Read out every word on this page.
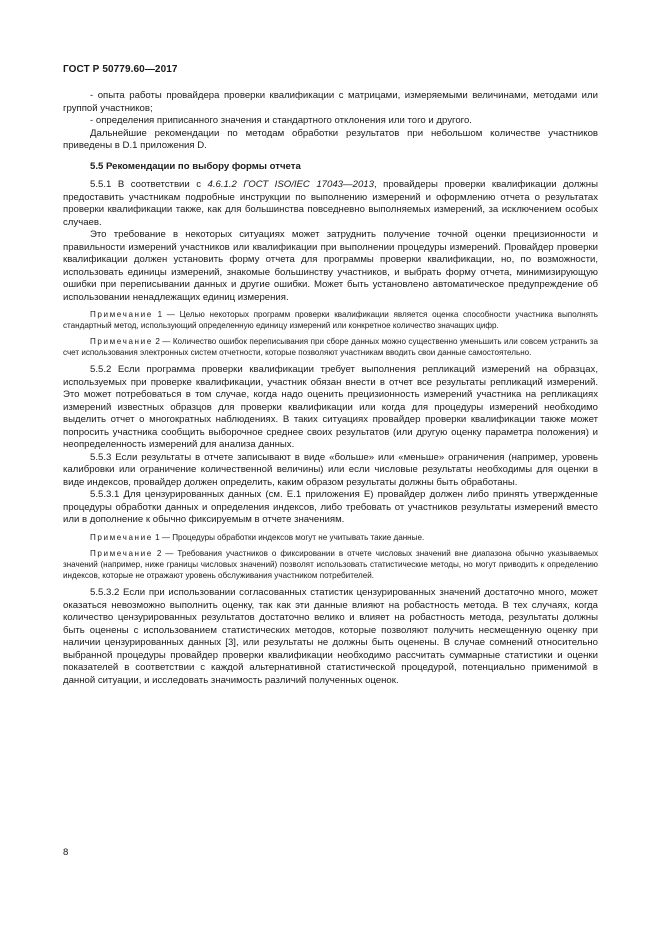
ГОСТ Р 50779.60—2017

- опыта работы провайдера проверки квалификации с матрицами, измеряемыми величинами, методами или группой участников;

- определения приписанного значения и стандартного отклонения или того и другого.

Дальнейшие рекомендации по методам обработки результатов при небольшом количестве участников приведены в D.1 приложения D.

5.5 Рекомендации по выбору формы отчета

5.5.1 В соответствии с 4.6.1.2 ГОСТ ISO/IEC 17043—2013, провайдеры проверки квалификации должны предоставить участникам подробные инструкции по выполнению измерений и оформлению отчета о результатах проверки квалификации также, как для большинства повседневно выполняемых измерений, за исключением особых случаев.

Это требование в некоторых ситуациях может затруднить получение точной оценки прецизионности и правильности измерений участников или квалификации при выполнении процедуры измерений. Провайдер проверки квалификации должен установить форму отчета для программы проверки квалификации, но, по возможности, использовать единицы измерений, знакомые большинству участников, и выбрать форму отчета, минимизирующую ошибки при переписывании данных и другие ошибки. Может быть установлено автоматическое предупреждение об использовании ненадлежащих единиц измерения.

Примечание 1 — Целью некоторых программ проверки квалификации является оценка способности участника выполнять стандартный метод, использующий определенную единицу измерений или конкретное количество значащих цифр.

Примечание 2 — Количество ошибок переписывания при сборе данных можно существенно уменьшить или совсем устранить за счет использования электронных систем отчетности, которые позволяют участникам вводить свои данные самостоятельно.

5.5.2 Если программа проверки квалификации требует выполнения репликаций измерений на образцах, используемых при проверке квалификации, участник обязан внести в отчет все результаты репликаций измерений. Это может потребоваться в том случае, когда надо оценить прецизионность измерений участника на репликациях измерений известных образцов для проверки квалификации или когда для процедуры измерений необходимо выделить отчет о многократных наблюдениях. В таких ситуациях провайдер проверки квалификации также может попросить участника сообщить выборочное среднее своих результатов (или другую оценку параметра положения) и неопределенность измерений для анализа данных.

5.5.3 Если результаты в отчете записывают в виде «больше» или «меньше» ограничения (например, уровень калибровки или ограничение количественной величины) или если числовые результаты необходимы для оценки в виде индексов, провайдер должен определить, каким образом результаты должны быть обработаны.

5.5.3.1 Для цензурированных данных (см. E.1 приложения E) провайдер должен либо принять утвержденные процедуры обработки данных и определения индексов, либо требовать от участников результаты измерений вместо или в дополнение к обычно фиксируемым в отчете значениям.

Примечание 1 — Процедуры обработки индексов могут не учитывать такие данные.

Примечание 2 — Требования участников о фиксировании в отчете числовых значений вне диапазона обычно указываемых значений (например, ниже границы числовых значений) позволят использовать статистические методы, но могут приводить к определению индексов, которые не отражают уровень обслуживания участником потребителей.

5.5.3.2 Если при использовании согласованных статистик цензурированных значений достаточно много, может оказаться невозможно выполнить оценку, так как эти данные влияют на робастность метода. В тех случаях, когда количество цензурированных результатов достаточно велико и влияет на робастность метода, результаты должны быть оценены с использованием статистических методов, которые позволяют получить несмещенную оценку при наличии цензурированных данных [3], или результаты не должны быть оценены. В случае сомнений относительно выбранной процедуры провайдер проверки квалификации необходимо рассчитать суммарные статистики и оценки показателей в соответствии с каждой альтернативной статистической процедурой, потенциально применимой в данной ситуации, и исследовать значимость различий полученных оценок.

8
